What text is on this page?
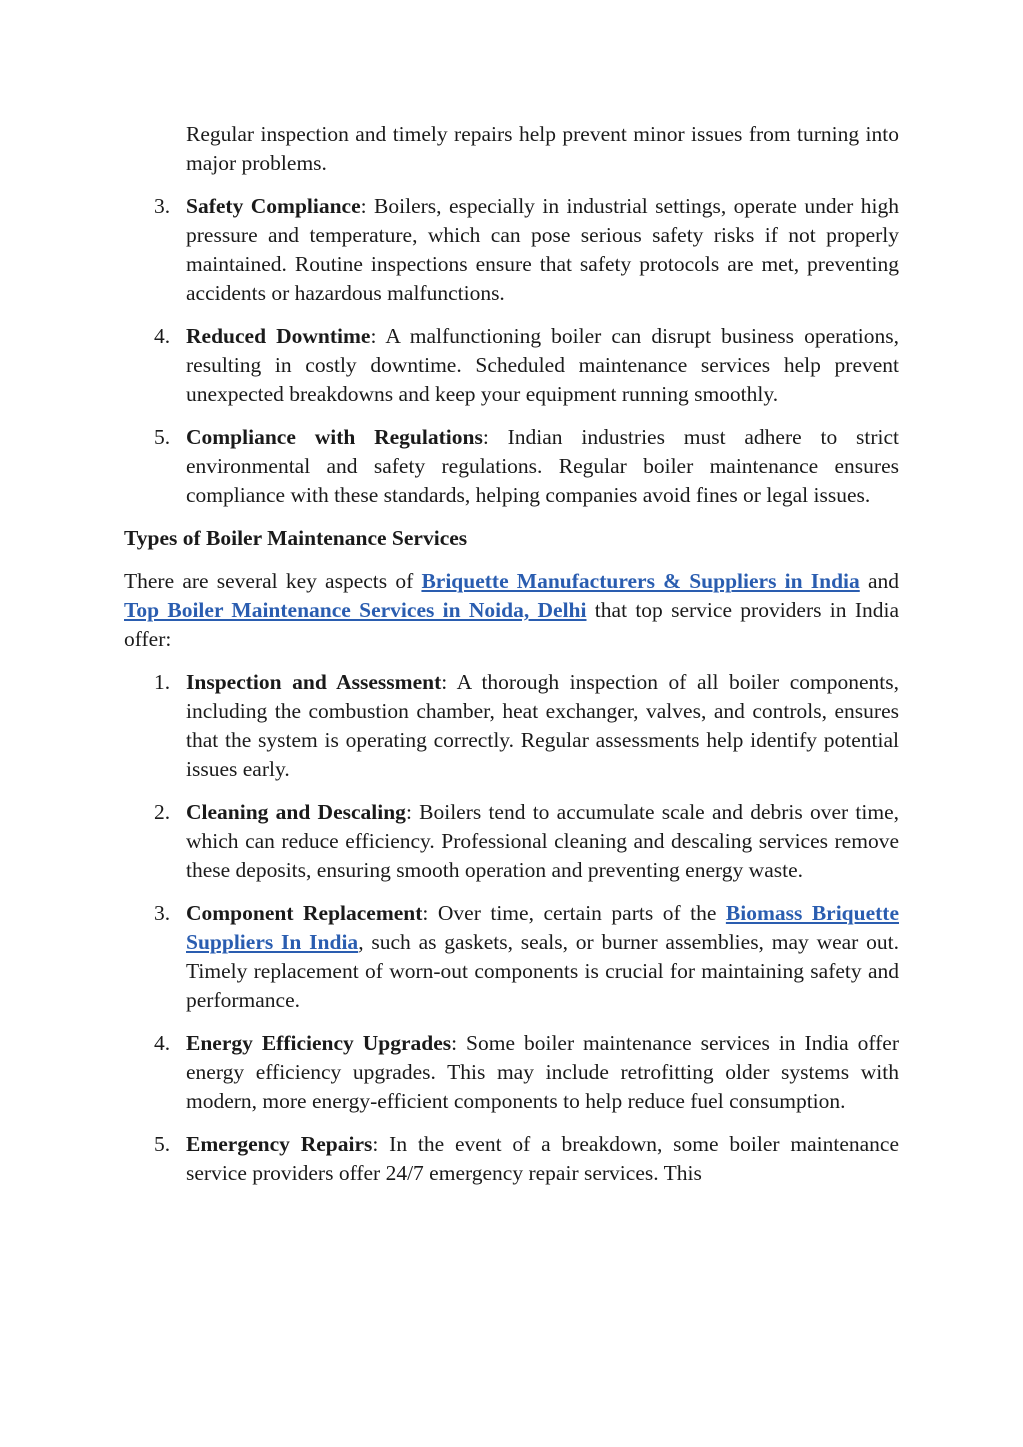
Regular inspection and timely repairs help prevent minor issues from turning into major problems.

3. Safety Compliance: Boilers, especially in industrial settings, operate under high pressure and temperature, which can pose serious safety risks if not properly maintained. Routine inspections ensure that safety protocols are met, preventing accidents or hazardous malfunctions.
4. Reduced Downtime: A malfunctioning boiler can disrupt business operations, resulting in costly downtime. Scheduled maintenance services help prevent unexpected breakdowns and keep your equipment running smoothly.
5. Compliance with Regulations: Indian industries must adhere to strict environmental and safety regulations. Regular boiler maintenance ensures compliance with these standards, helping companies avoid fines or legal issues.
Types of Boiler Maintenance Services

There are several key aspects of Briquette Manufacturers & Suppliers in India and Top Boiler Maintenance Services in Noida, Delhi that top service providers in India offer:

1. Inspection and Assessment: A thorough inspection of all boiler components, including the combustion chamber, heat exchanger, valves, and controls, ensures that the system is operating correctly. Regular assessments help identify potential issues early.
2. Cleaning and Descaling: Boilers tend to accumulate scale and debris over time, which can reduce efficiency. Professional cleaning and descaling services remove these deposits, ensuring smooth operation and preventing energy waste.
3. Component Replacement: Over time, certain parts of the Biomass Briquette Suppliers In India, such as gaskets, seals, or burner assemblies, may wear out. Timely replacement of worn-out components is crucial for maintaining safety and performance.
4. Energy Efficiency Upgrades: Some boiler maintenance services in India offer energy efficiency upgrades. This may include retrofitting older systems with modern, more energy-efficient components to help reduce fuel consumption.
5. Emergency Repairs: In the event of a breakdown, some boiler maintenance service providers offer 24/7 emergency repair services. This
